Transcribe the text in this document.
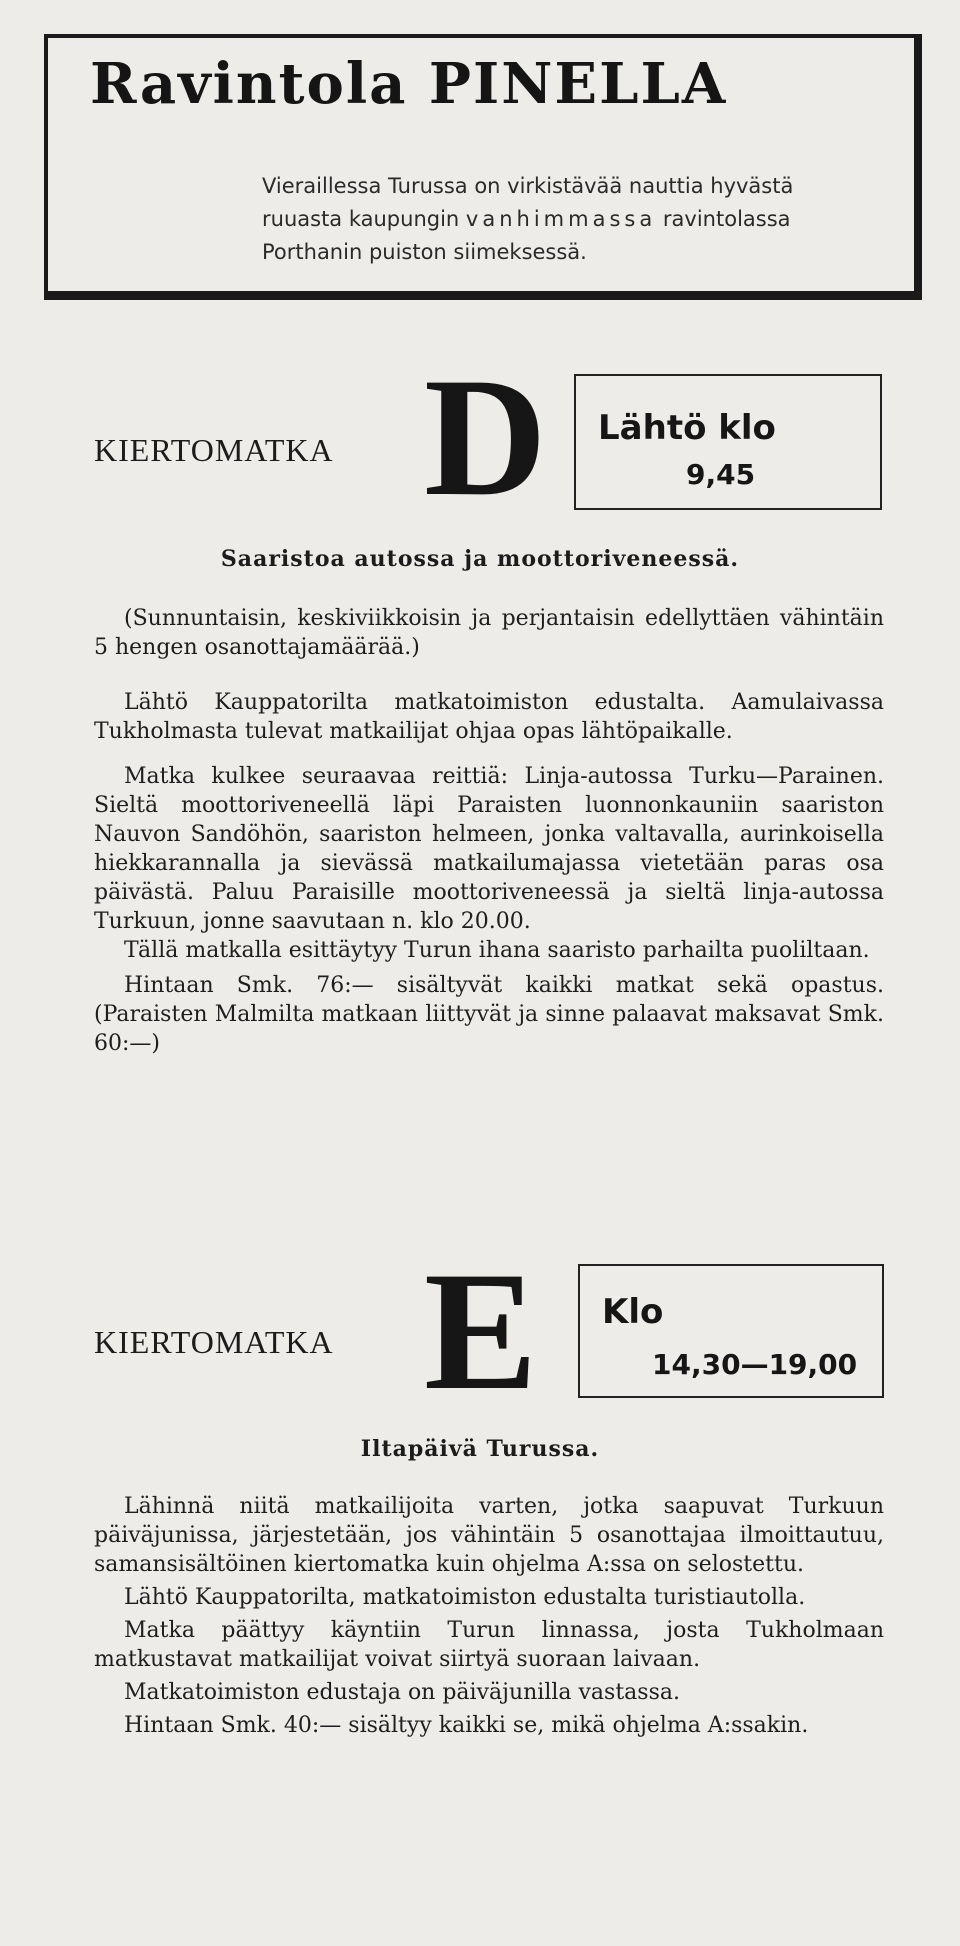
Ravintola PINELLA
Vieraillessa Turussa on virkistävää nauttia hyvästä
ruuasta kaupungin vanhimmassa ravintolassa
Porthanin puiston siimeksessä.
KIERTOMATKA D Lähtö klo
9,45
Saaristoa autossa ja moottoriveneessä.
(Sunnuntaisin, keskiviikkoisin ja perjantaisin edellyttäen vähintäin 5 hengen osanottajamäärää.)
Lähtö Kauppatorilta matkatoimiston edustalta. Aamulaivassa Tukholmasta tulevat matkailijat ohjaa opas lähtöpaikalle.
Matka kulkee seuraavaa reittiä: Linja-autossa Turku—Parainen. Sieltä moottoriveneellä läpi Paraisten luonnonkauniin saariston Nauvon Sandöhön, saariston helmeen, jonka valtavalla, aurinkoisella hiekkarannalla ja sievässä matkailumajassa vietetään paras osa päivästä. Paluu Paraisille moottoriveneessä ja sieltä linja-autossa Turkuun, jonne saavutaan n. klo 20.00.
Tällä matkalla esittäytyy Turun ihana saaristo parhailta puoliltaan.
Hintaan Smk. 76:— sisältyvät kaikki matkat sekä opastus. (Paraisten Malmilta matkaan liittyvät ja sinne palaavat maksavat Smk. 60:—)
KIERTOMATKA E Klo
14,30—19,00
Iltapäivä Turussa.
Lähinnä niitä matkailijoita varten, jotka saapuvat Turkuun päiväjunissa, järjestetään, jos vähintäin 5 osanottajaa ilmoittautuu, samansisältöinen kiertomatka kuin ohjelma A:ssa on selostettu.
Lähtö Kauppatorilta, matkatoimiston edustalta turistiautolla.
Matka päättyy käyntiin Turun linnassa, josta Tukholmaan matkustavat matkailijat voivat siirtyä suoraan laivaan.
Matkatoimiston edustaja on päiväjunilla vastassa.
Hintaan Smk. 40:— sisältyy kaikki se, mikä ohjelma A:ssakin.
